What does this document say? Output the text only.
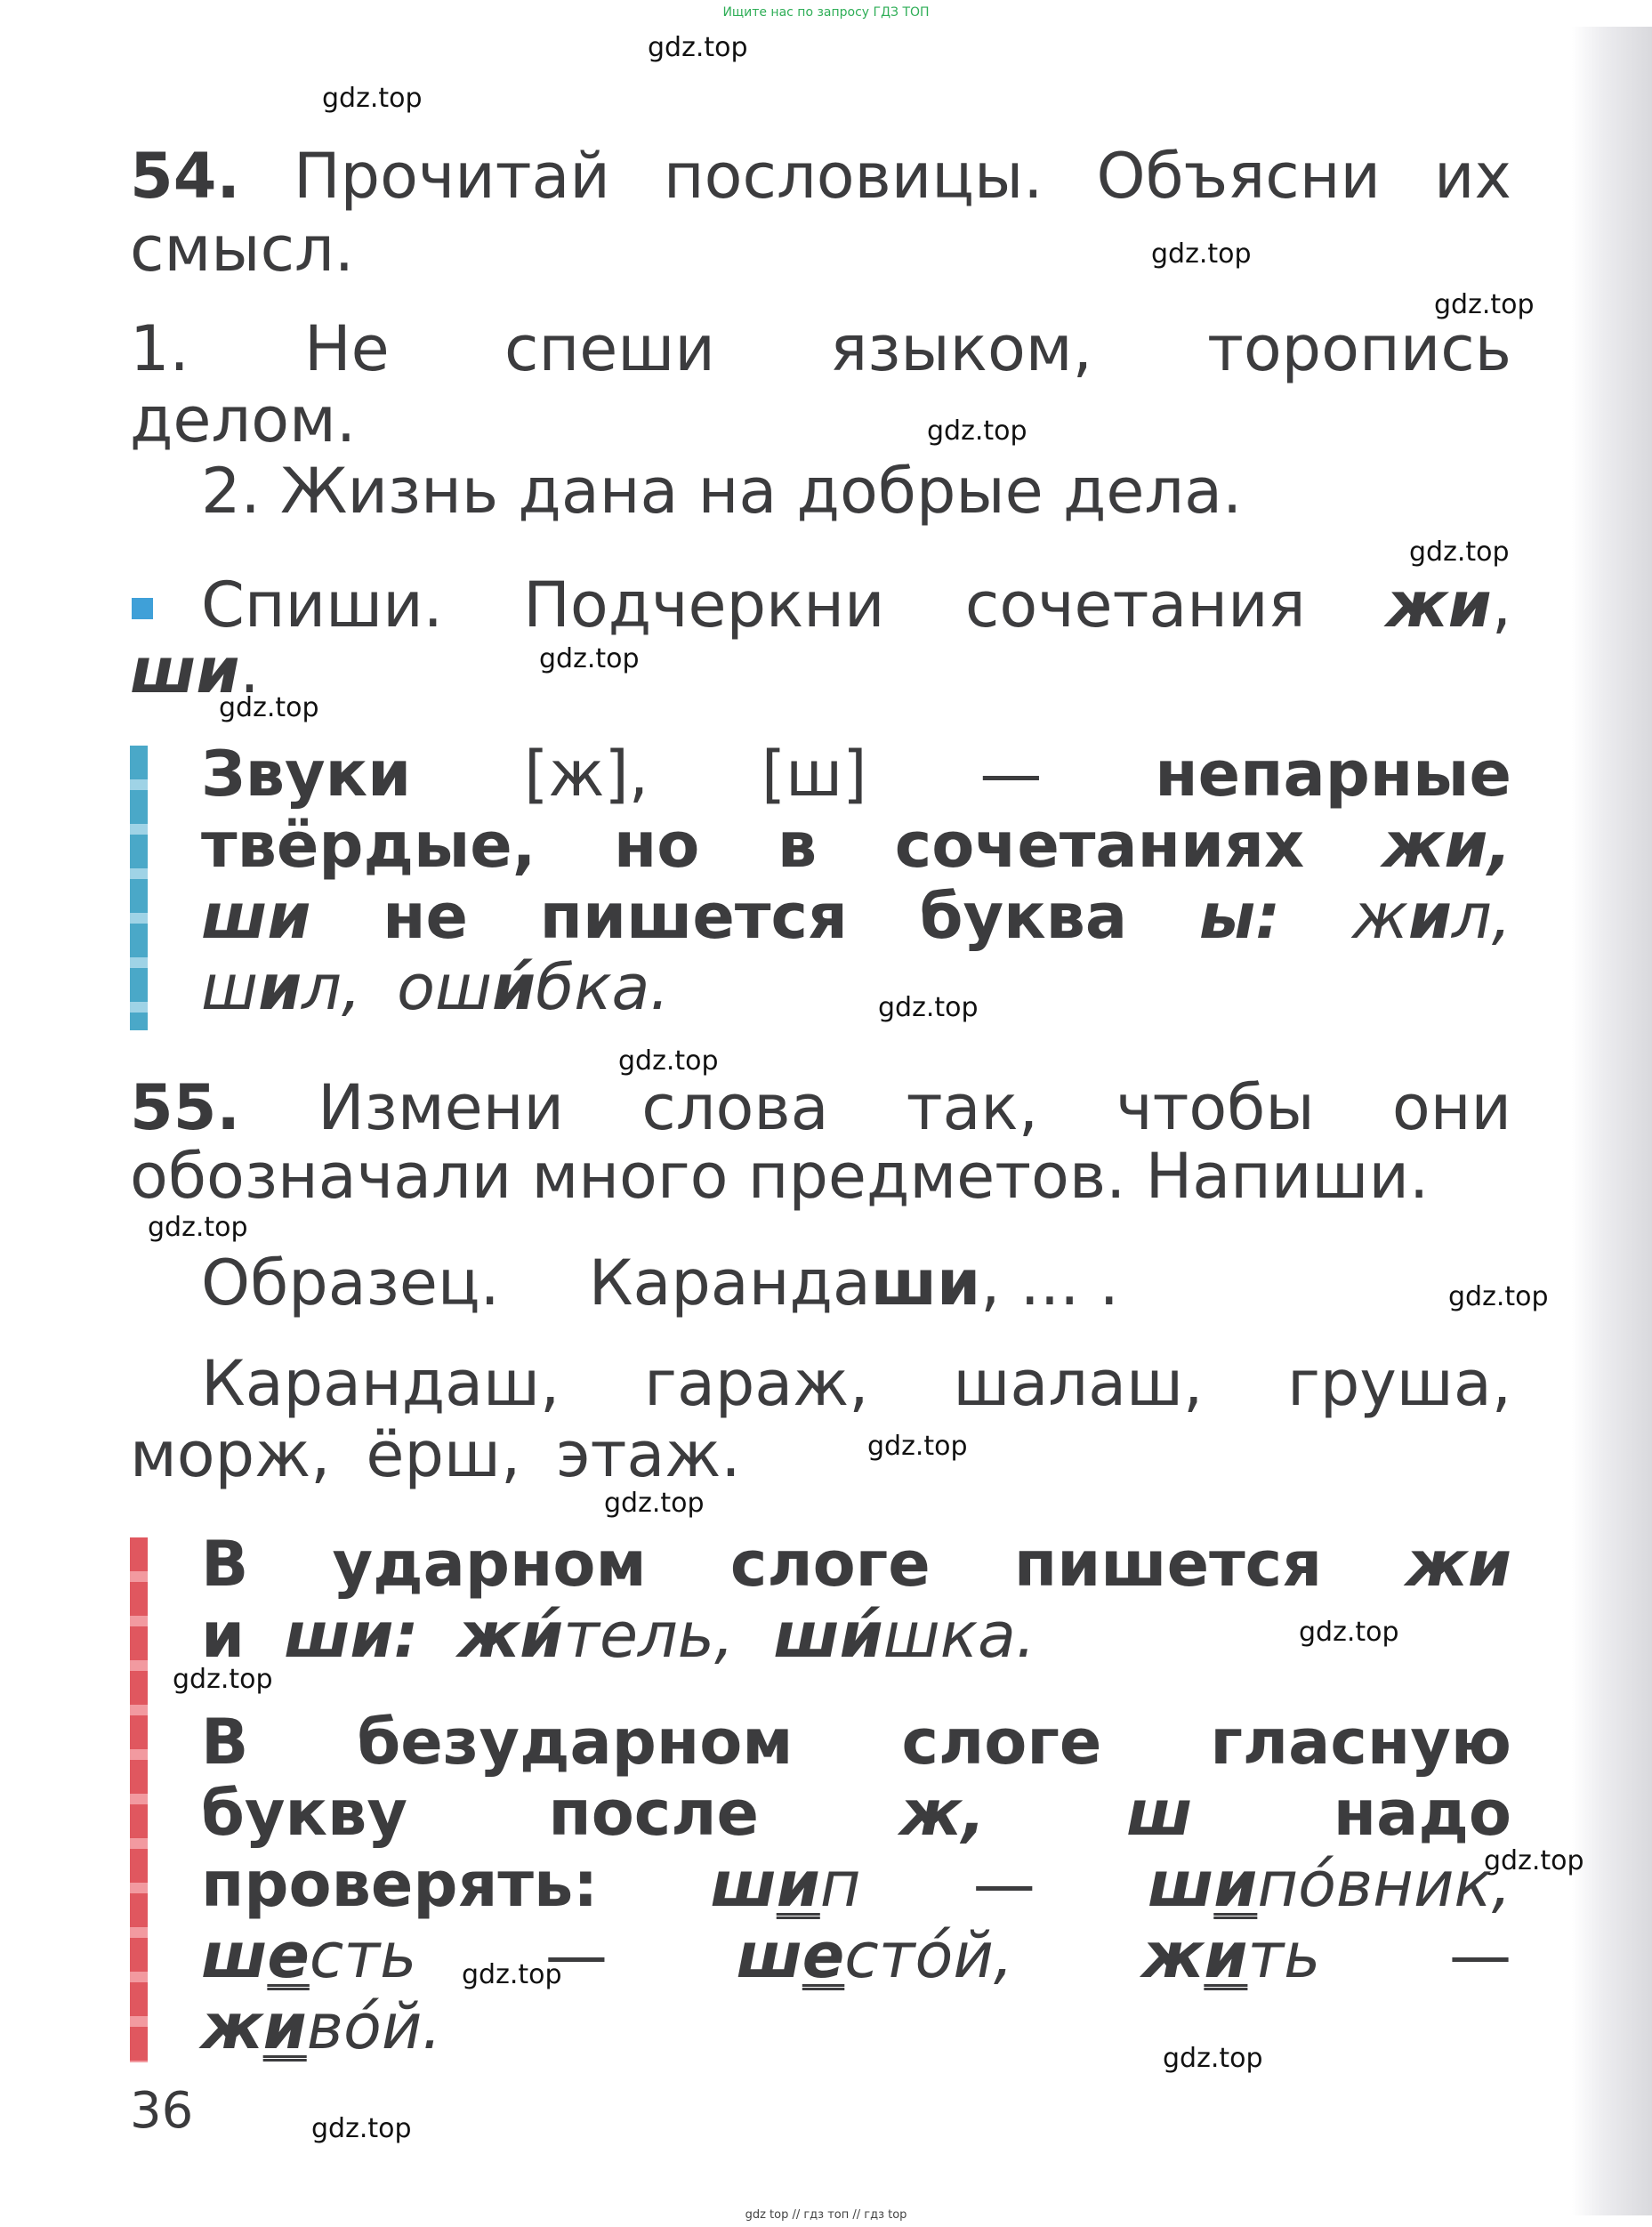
Ищите нас по запросу ГДЗ ТОП
gdz.top
gdz.top
gdz.top
gdz.top
gdz.top
gdz.top
gdz.top
gdz.top
gdz.top
gdz.top
gdz.top
gdz.top
gdz.top
gdz.top
gdz.top
gdz.top
gdz.top
gdz.top
gdz.top
gdz.top
54. Прочитай пословицы. Объясни их
смысл.
1. Не спеши языком, торопись
делом.
2. Жизнь дана на добрые дела.
Спиши. Подчеркни сочетания жи,
ши.
Звуки [ж], [ш] — непарные
твёрдые, но в сочетаниях жи,
ши не пишется буква ы: жил,
шил, оши́бка.
55. Измени слова так, чтобы они
обозначали много предметов. Напиши.
Образец. Карандаши, ... .
Карандаш, гараж, шалаш, груша,
морж, ёрш, этаж.
В ударном слоге пишется жи
и ши: жи́тель, ши́шка.
В безударном слоге гласную
букву после ж, ш надо
проверять: шип — шипо́вник,
шесть — шесто́й, жить —
живо́й.
36
gdz top // гдз топ // гдз top
